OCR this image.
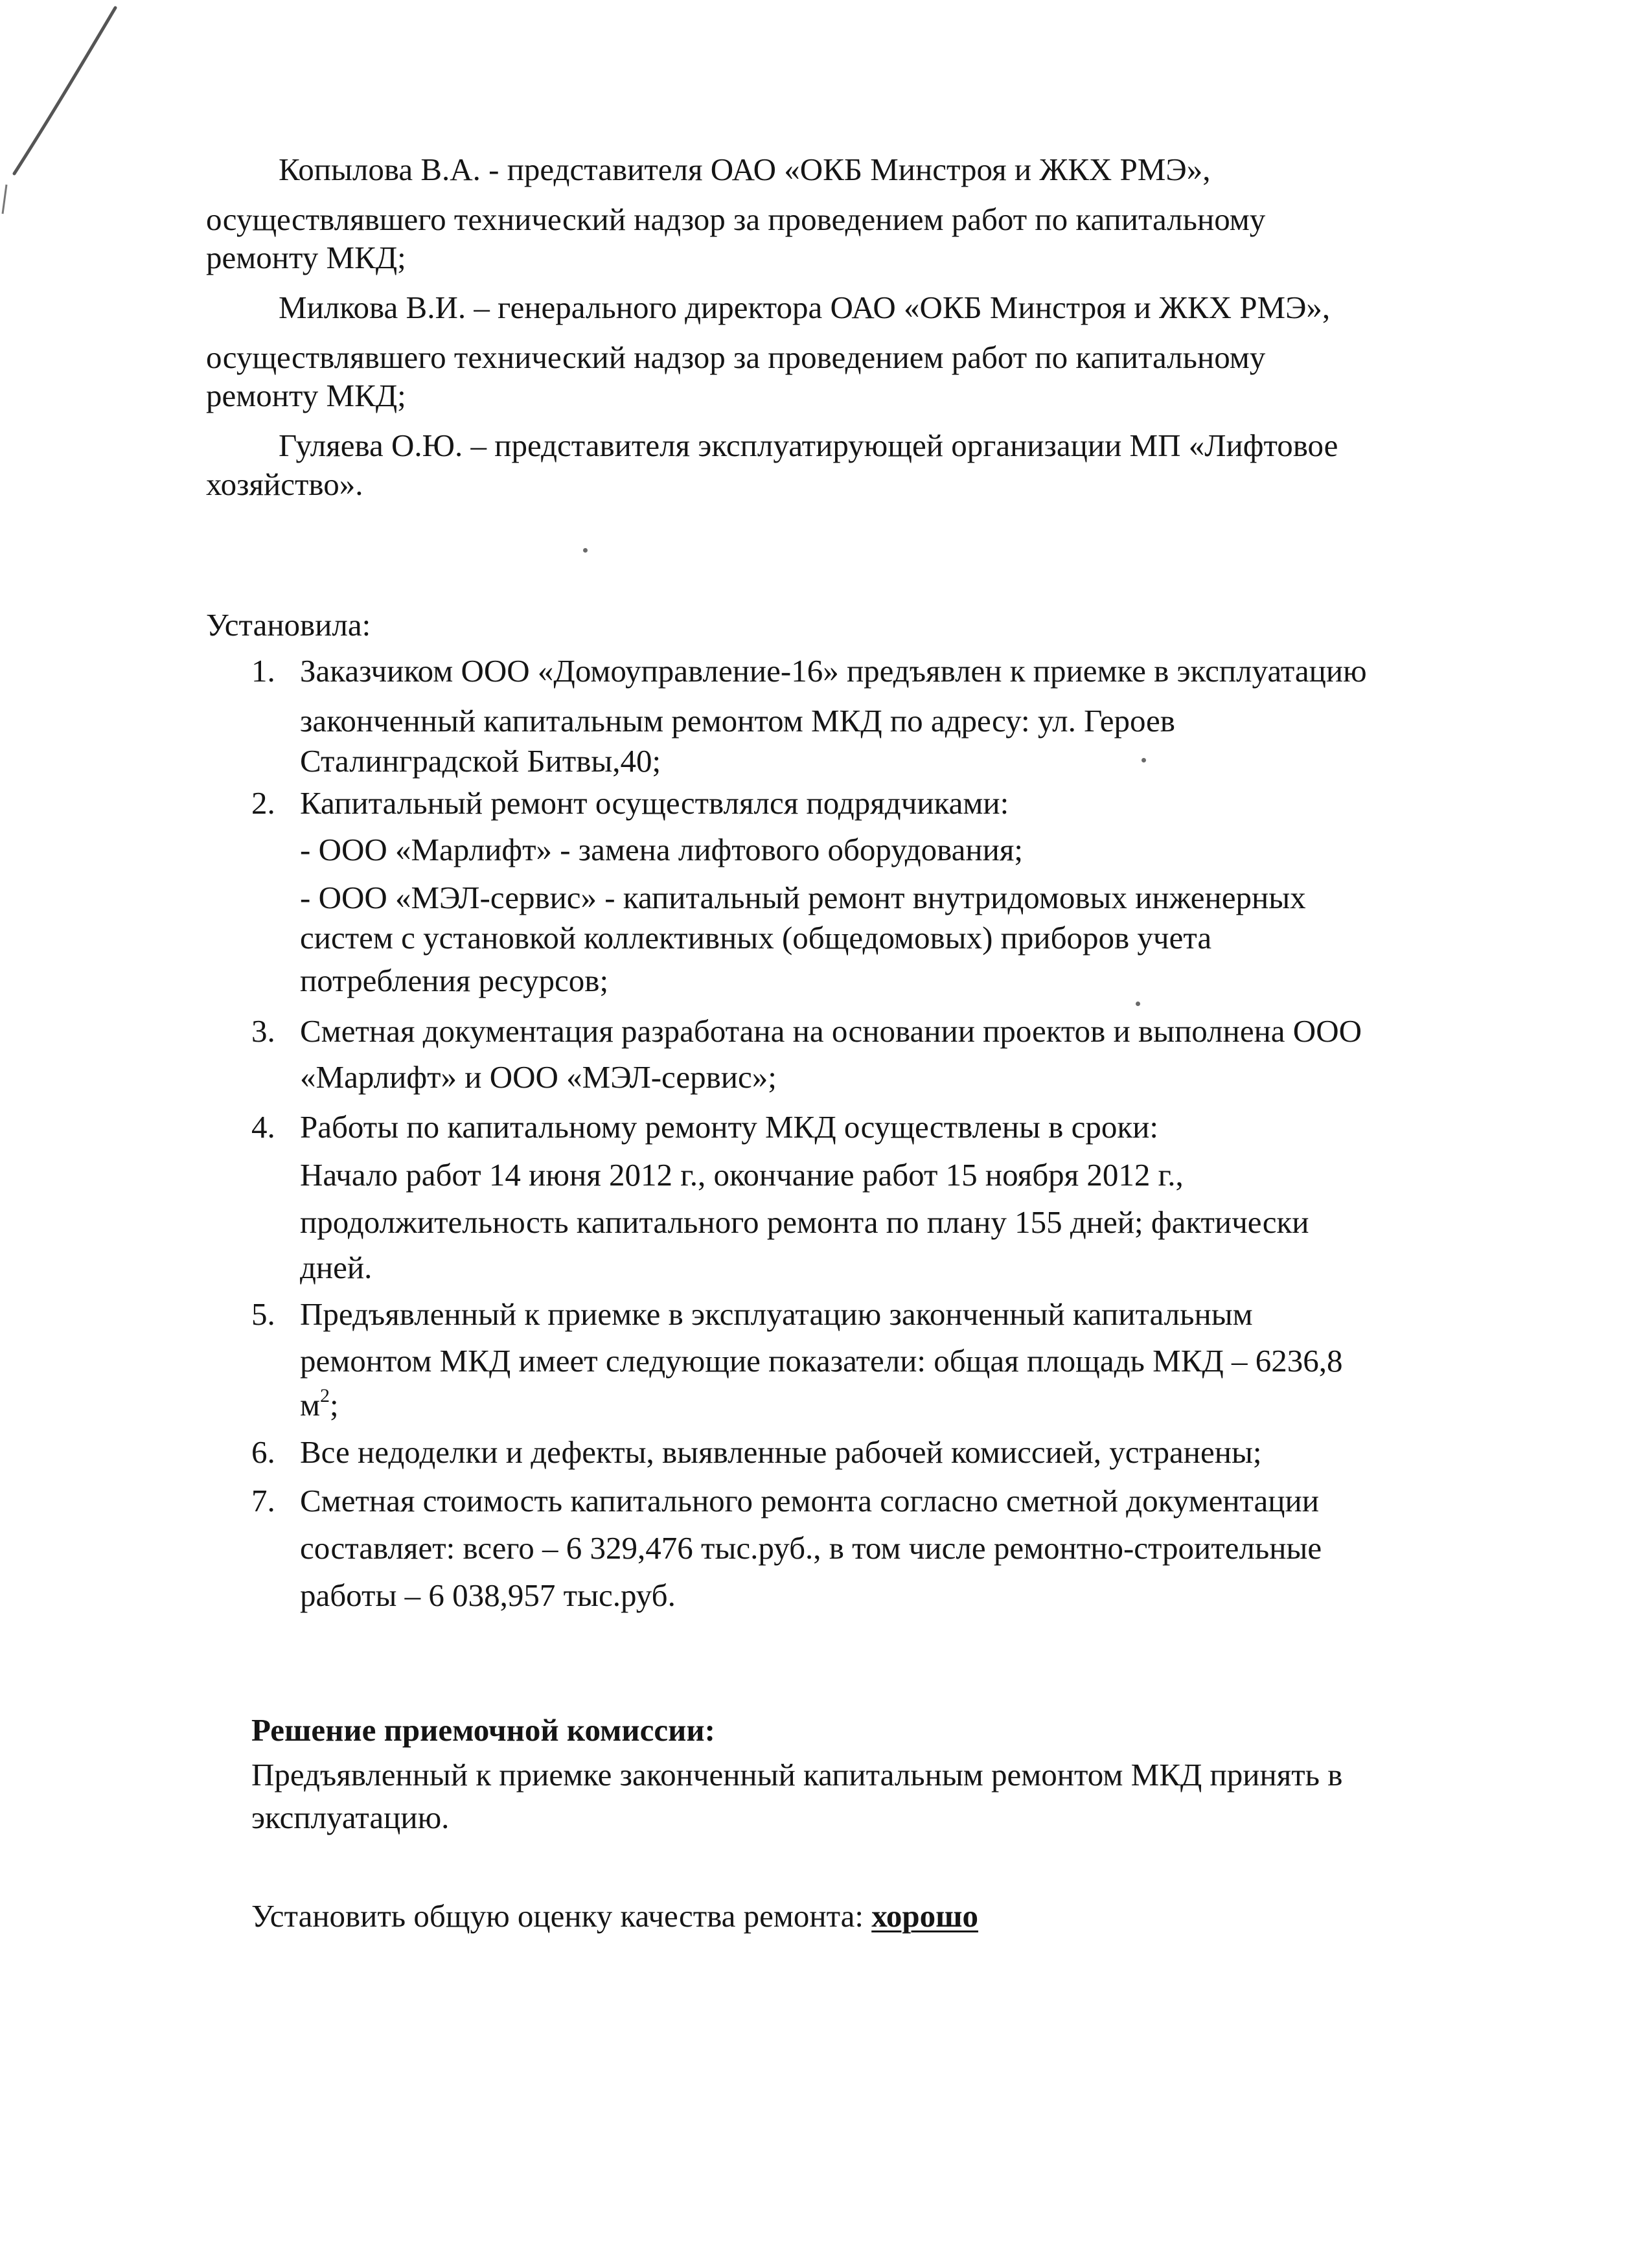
Копылова В.А. - представителя ОАО «ОКБ Минстроя и ЖКХ РМЭ»,
осуществлявшего технический надзор за проведением работ по капитальному
ремонту МКД;
Милкова В.И. – генерального директора ОАО «ОКБ Минстроя и ЖКХ РМЭ»,
осуществлявшего технический надзор за проведением работ по капитальному
ремонту МКД;
Гуляева О.Ю. – представителя эксплуатирующей организации МП «Лифтовое
хозяйство».
Установила:
1. Заказчиком ООО «Домоуправление-16» предъявлен к приемке в эксплуатацию
законченный капитальным ремонтом МКД по адресу: ул. Героев
Сталинградской Битвы,40;
2. Капитальный ремонт осуществлялся подрядчиками:
- ООО «Марлифт» - замена лифтового оборудования;
- ООО «МЭЛ-сервис» - капитальный ремонт внутридомовых инженерных
систем с установкой коллективных (общедомовых) приборов учета
потребления ресурсов;
3. Сметная документация разработана на основании проектов и выполнена ООО
«Марлифт» и ООО «МЭЛ-сервис»;
4. Работы по капитальному ремонту МКД осуществлены в сроки:
Начало работ 14 июня 2012 г., окончание работ 15 ноября 2012 г.,
продолжительность капитального ремонта по плану 155 дней; фактически
дней.
5. Предъявленный к приемке в эксплуатацию законченный капитальным
ремонтом МКД имеет следующие показатели: общая площадь МКД – 6236,8
$м^2$;
6. Все недоделки и дефекты, выявленные рабочей комиссией, устранены;
7. Сметная стоимость капитального ремонта согласно сметной документации
составляет: всего – 6 329,476 тыс.руб., в том числе ремонтно-строительные
работы – 6 038,957 тыс.руб.
Решение приемочной комиссии:
Предъявленный к приемке законченный капитальным ремонтом МКД принять в
эксплуатацию.
Установить общую оценку качества ремонта: хорошо
